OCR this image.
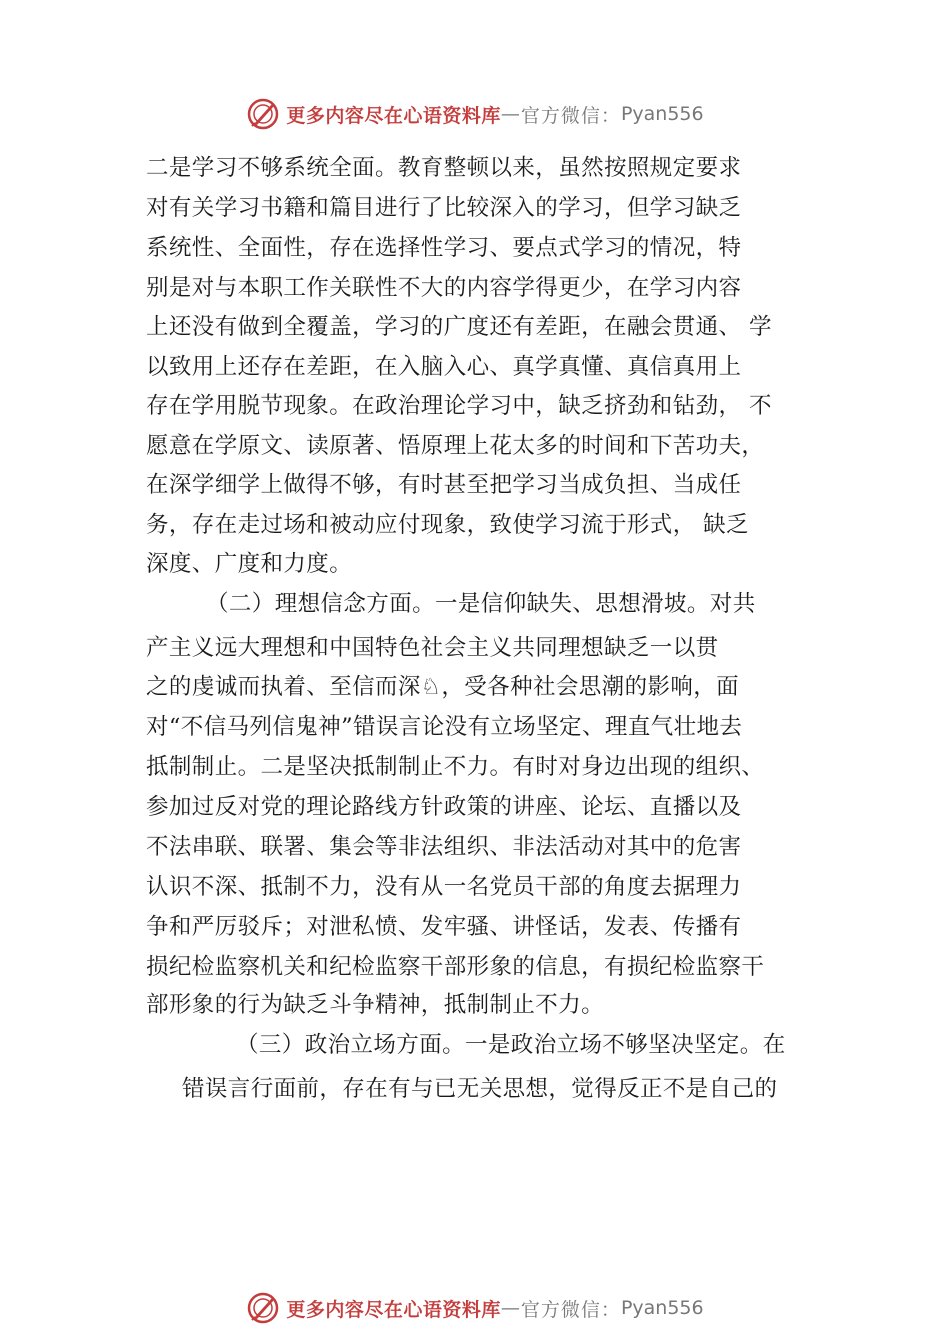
更多内容尽在心语资料库 — 官方微信： Pyan556
二是学习不够系统全面。教育整顿以来，虽然按照规定要求
对有关学习书籍和篇目进行了比较深入的学习，但学习缺乏
系统性、全面性，存在选择性学习、要点式学习的情况，特
别是对与本职工作关联性不大的内容学得更少，在学习内容
上还没有做到全覆盖，学习的广度还有差距，在融会贯通、 学
以致用上还存在差距，在入脑入心、真学真懂、真信真用上
存在学用脱节现象。在政治理论学习中，缺乏挤劲和钻劲， 不
愿意在学原文、读原著、悟原理上花太多的时间和下苦功夫，
在深学细学上做得不够，有时甚至把学习当成负担、当成任
务，存在走过场和被动应付现象，致使学习流于形式， 缺乏
深度、广度和力度。
（二）理想信念方面。一是信仰缺失、思想滑坡。对共
产主义远大理想和中国特色社会主义共同理想缺乏一以贯
之的虔诚而执着、至信而深♘，受各种社会思潮的影响，面
对“不信马列信鬼神”错误言论没有立场坚定、理直气壮地去
抵制制止。二是坚决抵制制止不力。有时对身边出现的组织、
参加过反对党的理论路线方针政策的讲座、论坛、直播以及
不法串联、联署、集会等非法组织、非法活动对其中的危害
认识不深、抵制不力，没有从一名党员干部的角度去据理力
争和严厉驳斥；对泄私愤、发牢骚、讲怪话，发表、传播有
损纪检监察机关和纪检监察干部形象的信息，有损纪检监察干
部形象的行为缺乏斗争精神，抵制制止不力。
（三）政治立场方面。一是政治立场不够坚决坚定。在
错误言行面前，存在有与已无关思想，觉得反正不是自己的
更多内容尽在心语资料库 — 官方微信： Pyan556
